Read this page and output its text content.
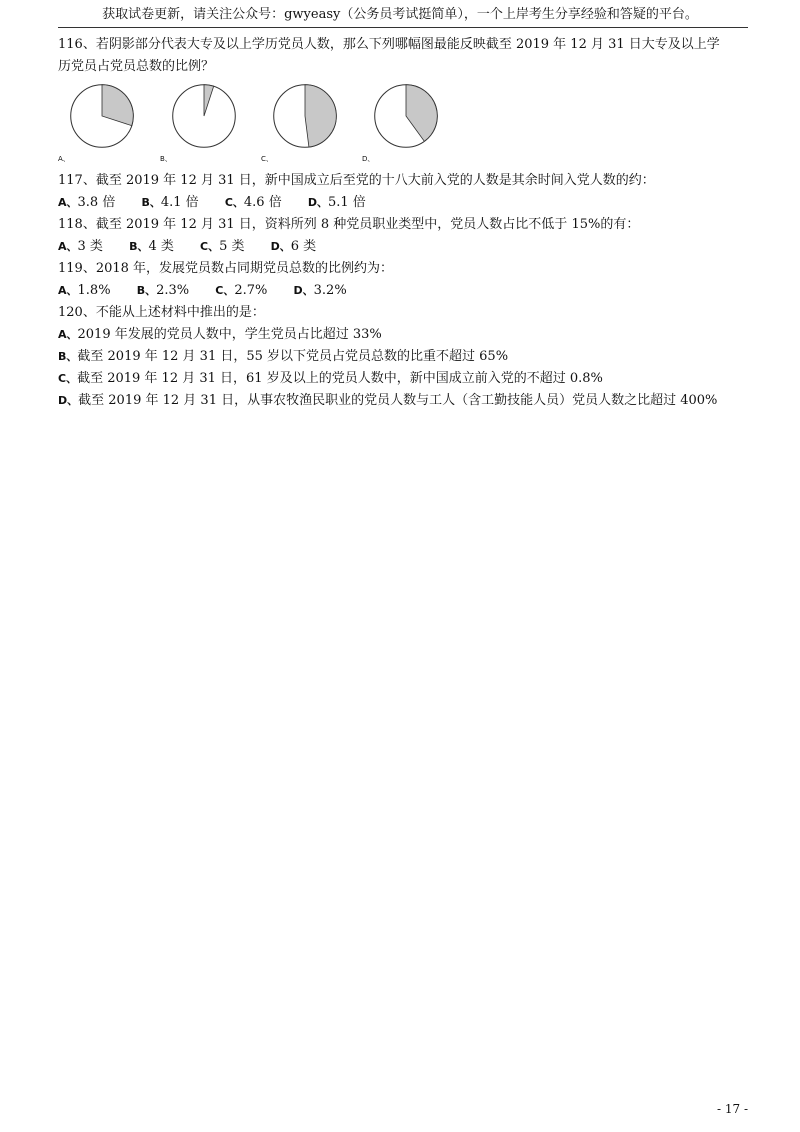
获取试卷更新，请关注公众号：gwyeasy（公务员考试挺简单），一个上岸考生分享经验和答疑的平台。
116、若阴影部分代表大专及以上学历党员人数，那么下列哪幅图最能反映截至 2019 年 12 月 31 日大专及以上学
历党员占党员总数的比例？
A、	B、	C、	D、
117、截至 2019 年 12 月 31 日，新中国成立后至党的十八大前入党的人数是其余时间入党人数的约：
A、3.8 倍 B、4.1 倍 C、4.6 倍 D、5.1 倍
118、截至 2019 年 12 月 31 日，资料所列 8 种党员职业类型中，党员人数占比不低于 15%的有：
A、3 类 B、4 类 C、5 类 D、6 类
119、2018 年，发展党员数占同期党员总数的比例约为：
A、1.8% B、2.3% C、2.7% D、3.2%
120、不能从上述材料中推出的是：
A、2019 年发展的党员人数中，学生党员占比超过 33%
B、截至 2019 年 12 月 31 日，55 岁以下党员占党员总数的比重不超过 65%
C、截至 2019 年 12 月 31 日，61 岁及以上的党员人数中，新中国成立前入党的不超过 0.8%
D、截至 2019 年 12 月 31 日，从事农牧渔民职业的党员人数与工人（含工勤技能人员）党员人数之比超过 400%
- 17 -
